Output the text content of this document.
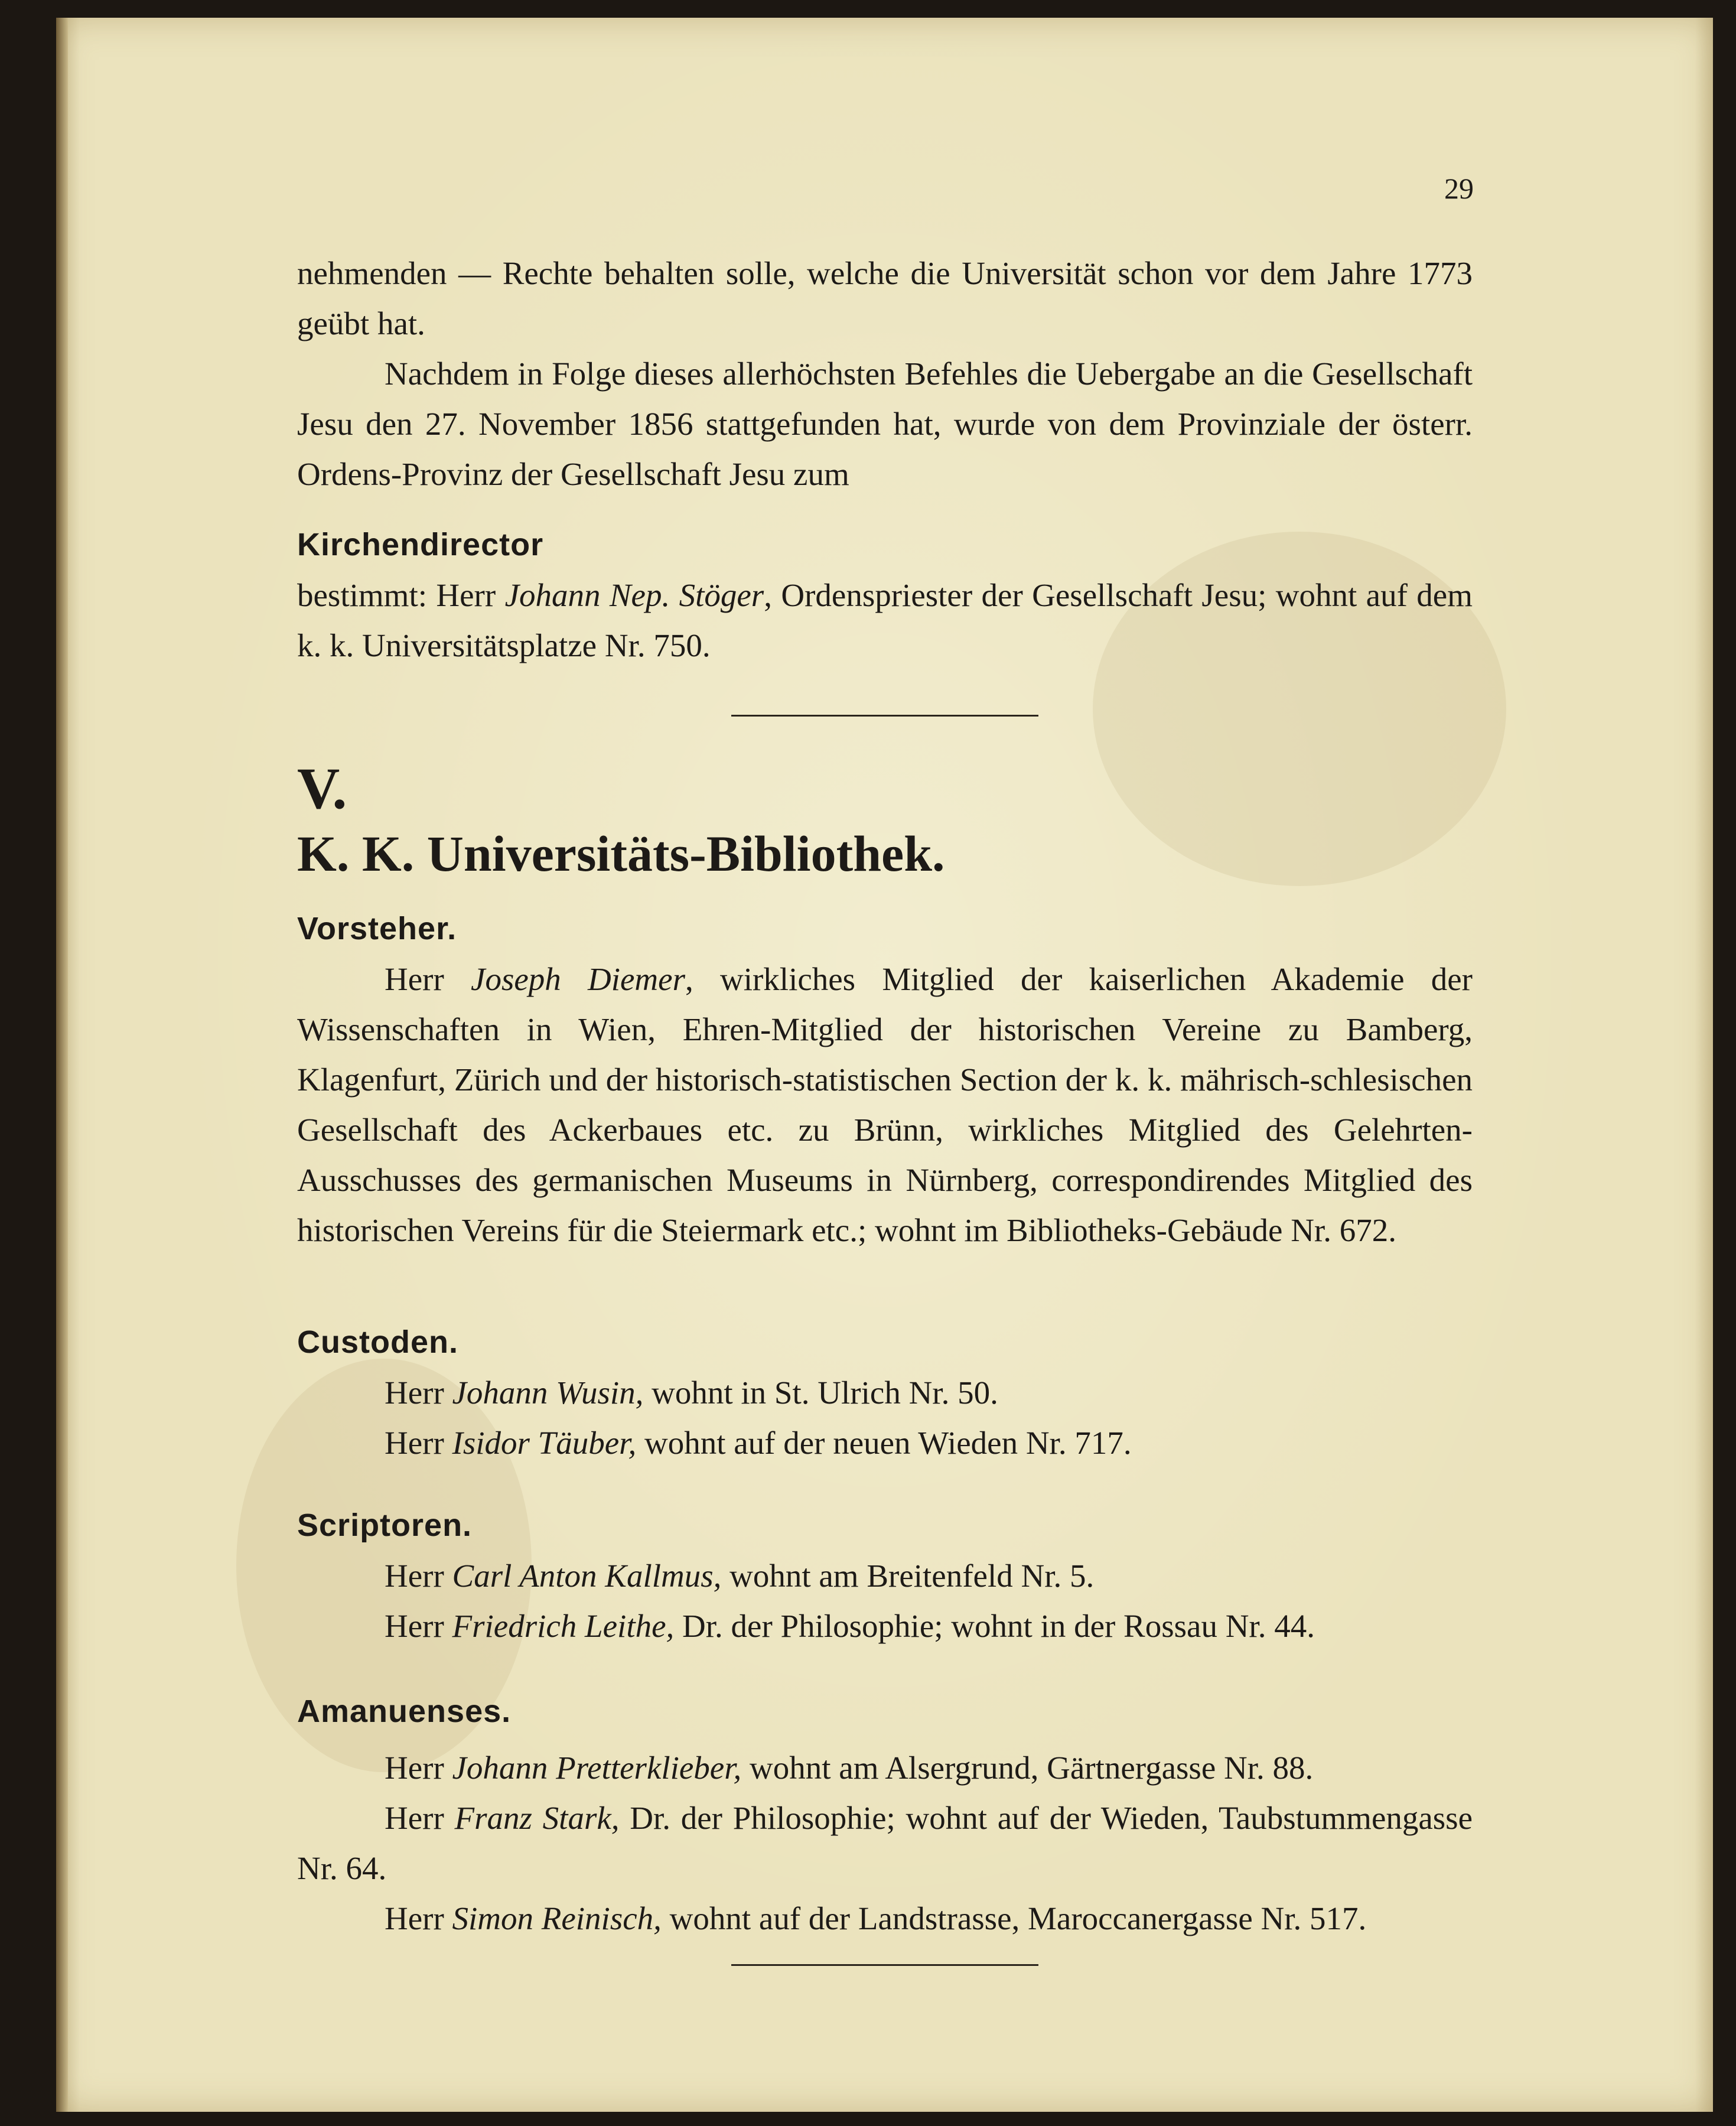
29

nehmenden — Rechte behalten solle, welche die Universität schon vor dem Jahre 1773 geübt hat.

Nachdem in Folge dieses allerhöchsten Befehles die Uebergabe an die Gesellschaft Jesu den 27. November 1856 stattgefunden hat, wurde von dem Provinziale der österr. Ordens-Provinz der Gesellschaft Jesu zum

Kirchendirector

bestimmt: Herr Johann Nep. Stöger, Ordenspriester der Gesellschaft Jesu; wohnt auf dem k. k. Universitätsplatze Nr. 750.

V.

K. K. Universitäts-Bibliothek.

Vorsteher.

Herr Joseph Diemer, wirkliches Mitglied der kaiserlichen Akademie der Wissenschaften in Wien, Ehren-Mitglied der historischen Vereine zu Bamberg, Klagenfurt, Zürich und der historisch-statistischen Section der k. k. mährisch-schlesischen Gesellschaft des Ackerbaues etc. zu Brünn, wirkliches Mitglied des Gelehrten-Ausschusses des germanischen Museums in Nürnberg, correspondirendes Mitglied des historischen Vereins für die Steiermark etc.; wohnt im Bibliotheks-Gebäude Nr. 672.

Custoden.

Herr Johann Wusin, wohnt in St. Ulrich Nr. 50.

Herr Isidor Täuber, wohnt auf der neuen Wieden Nr. 717.

Scriptoren.

Herr Carl Anton Kallmus, wohnt am Breitenfeld Nr. 5.

Herr Friedrich Leithe, Dr. der Philosophie; wohnt in der Rossau Nr. 44.

Amanuenses.

Herr Johann Pretterklieber, wohnt am Alsergrund, Gärtnergasse Nr. 88.

Herr Franz Stark, Dr. der Philosophie; wohnt auf der Wieden, Taubstummengasse Nr. 64.

Herr Simon Reinisch, wohnt auf der Landstrasse, Maroccanergasse Nr. 517.
